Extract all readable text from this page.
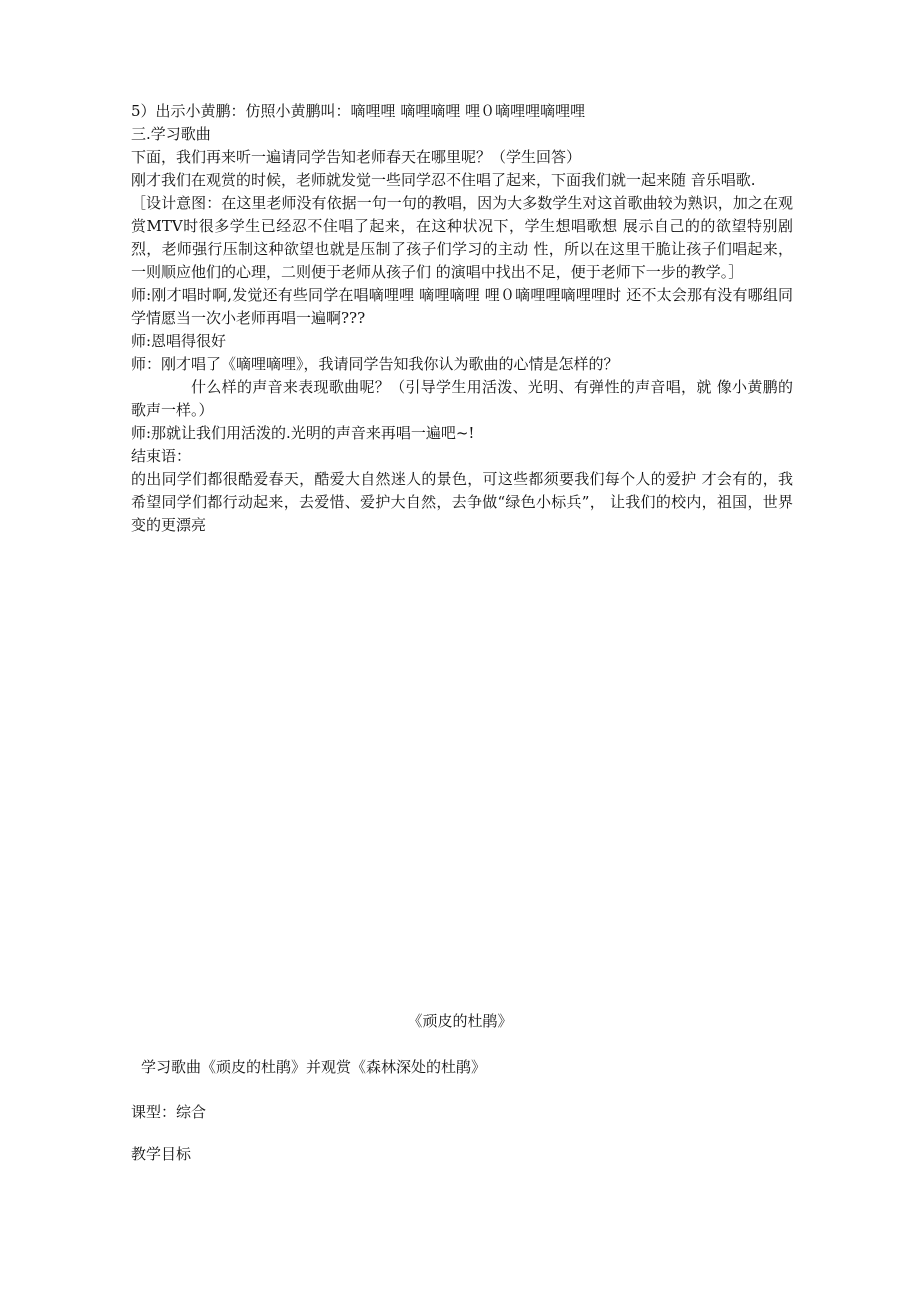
5）出示小黄鹏：仿照小黄鹏叫：嘀哩哩 嘀哩嘀哩 哩０嘀哩哩嘀哩哩

三.学习歌曲

下面，我们再来听一遍请同学告知老师春天在哪里呢？（学生回答）

刚才我们在观赏的时候，老师就发觉一些同学忍不住唱了起来，下面我们就一起来随 音乐唱歌.

［设计意图：在这里老师没有依据一句一句的教唱，因为大多数学生对这首歌曲较为熟识，加之在观赏MTV时很多学生已经忍不住唱了起来，在这种状况下，学生想唱歌想 展示自己的的欲望特别剧烈，老师强行压制这种欲望也就是压制了孩子们学习的主动 性，所以在这里干脆让孩子们唱起来，一则顺应他们的心理，二则便于老师从孩子们 的演唱中找出不足，便于老师下一步的教学。］

师:刚才唱时啊,发觉还有些同学在唱嘀哩哩 嘀哩嘀哩 哩０嘀哩哩嘀哩哩时 还不太会那有没有哪组同学情愿当一次小老师再唱一遍啊???

师:恩唱得很好

师：刚才唱了《嘀哩嘀哩》，我请同学告知我你认为歌曲的心情是怎样的？

什么样的声音来表现歌曲呢？（引导学生用活泼、光明、有弹性的声音唱，就 像小黄鹏的歌声一样。）

师:那就让我们用活泼的.光明的声音来再唱一遍吧~!

结束语：

的出同学们都很酷爱春天，酷爱大自然迷人的景色，可这些都须要我们每个人的爱护 才会有的，我希望同学们都行动起来，去爱惜、爱护大自然，去争做“绿色小标兵”， 让我们的校内，祖国，世界变的更漂亮

《顽皮的杜鹃》

学习歌曲《顽皮的杜鹃》并观赏《森林深处的杜鹃》

课型：综合

教学目标
